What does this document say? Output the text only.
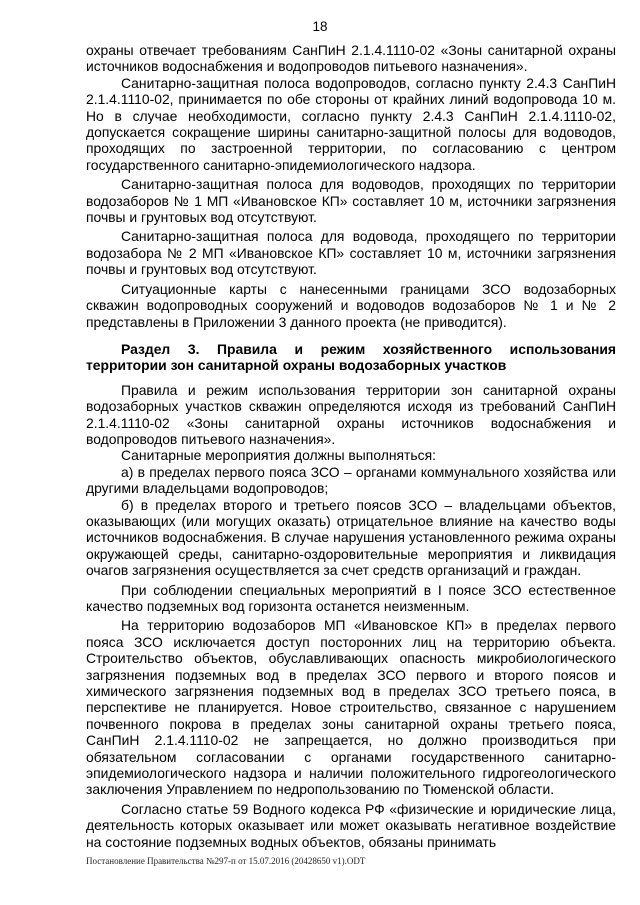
18

охраны отвечает требованиям СанПиН 2.1.4.1110-02 «Зоны санитарной охраны источников водоснабжения и водопроводов питьевого назначения».

Санитарно-защитная полоса водопроводов, согласно пункту 2.4.3 СанПиН 2.1.4.1110-02, принимается по обе стороны от крайних линий водопровода 10 м. Но в случае необходимости, согласно пункту 2.4.3 СанПиН 2.1.4.1110-02, допускается сокращение ширины санитарно-защитной полосы для водоводов, проходящих по застроенной территории, по согласованию с центром государственного санитарно-эпидемиологического надзора.

Санитарно-защитная полоса для водоводов, проходящих по территории водозаборов № 1 МП «Ивановское КП» составляет 10 м, источники загрязнения почвы и грунтовых вод отсутствуют.

Санитарно-защитная полоса для водовода, проходящего по территории водозабора № 2 МП «Ивановское КП» составляет 10 м, источники загрязнения почвы и грунтовых вод отсутствуют.

Ситуационные карты с нанесенными границами ЗСО водозаборных скважин водопроводных сооружений и водоводов водозаборов № 1 и № 2 представлены в Приложении 3 данного проекта (не приводится).

Раздел 3. Правила и режим хозяйственного использования территории зон санитарной охраны водозаборных участков

Правила и режим использования территории зон санитарной охраны водозаборных участков скважин определяются исходя из требований СанПиН 2.1.4.1110-02 «Зоны санитарной охраны источников водоснабжения и водопроводов питьевого назначения».

Санитарные мероприятия должны выполняться:

а) в пределах первого пояса ЗСО – органами коммунального хозяйства или другими владельцами водопроводов;

б) в пределах второго и третьего поясов ЗСО – владельцами объектов, оказывающих (или могущих оказать) отрицательное влияние на качество воды источников водоснабжения. В случае нарушения установленного режима охраны окружающей среды, санитарно-оздоровительные мероприятия и ликвидация очагов загрязнения осуществляется за счет средств организаций и граждан.

При соблюдении специальных мероприятий в I поясе ЗСО естественное качество подземных вод горизонта останется неизменным.

На территорию водозаборов МП «Ивановское КП» в пределах первого пояса ЗСО исключается доступ посторонних лиц на территорию объекта. Строительство объектов, обуславливающих опасность микробиологического загрязнения подземных вод в пределах ЗСО первого и второго поясов и химического загрязнения подземных вод в пределах ЗСО третьего пояса, в перспективе не планируется. Новое строительство, связанное с нарушением почвенного покрова в пределах зоны санитарной охраны третьего пояса, СанПиН 2.1.4.1110-02 не запрещается, но должно производиться при обязательном согласовании с органами государственного санитарно-эпидемиологического надзора и наличии положительного гидрогеологического заключения Управлением по недропользованию по Тюменской области.

Согласно статье 59 Водного кодекса РФ «физические и юридические лица, деятельность которых оказывает или может оказывать негативное воздействие на состояние подземных водных объектов, обязаны принимать

Постановление Правительства №297-п от 15.07.2016 (20428650 v1).ODT
